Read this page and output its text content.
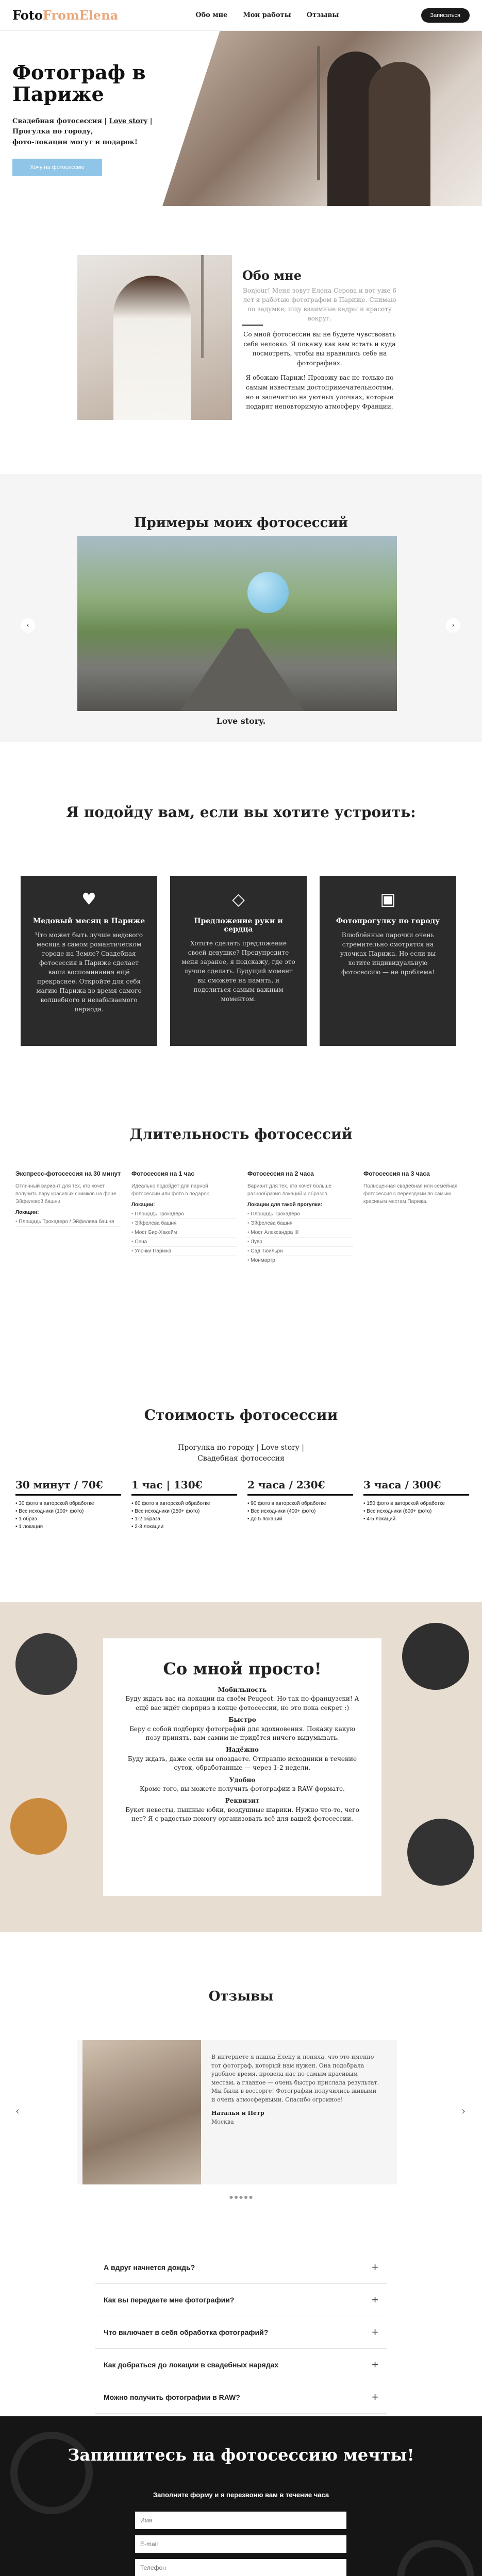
FotoFromElena	Обо мне Мои работы Отзывы	Записаться
Фотограф в Париже
Свадебная фотосессия | Love story |
Прогулка по городу,
фото-локации могут и подарок!
Хочу на фотосессию
Обо мне
Bonjour! Меня зовут Елена Серова и вот уже 6 лет я работаю фотографом в Париже. Снимаю по задумке, ищу взаимные кадры и красоту вокруг.

Со мной фотосессии вы не будете чувствовать себя неловко. Я покажу как вам встать и куда посмотреть, чтобы вы нравились себе на фотографиях.

Я обожаю Париж! Провожу вас не только по самым известным достопримечательностям, но и запечатлю на уютных улочках, которые подарят неповторимую атмосферу Франции.

Примеры моих фотосессий
‹	›
Love story.
Я подойду вам, если вы хотите устроить:
♥
Медовый месяц в Париже
Что может быть лучше медового месяца в самом романтическом городе на Земле? Свадебная фотосессия в Париже сделает ваши воспоминания ещё прекраснее. Откройте для себя магию Парижа во время самого волшебного и незабываемого периода.
◇
Предложение руки и сердца
Хотите сделать предложение своей девушке? Предупредите меня заранее, я подскажу, где это лучше сделать. Будущий момент вы сможете на память, и поделиться самым важным моментом.
▣
Фотопрогулку по городу
Влюблённые парочки очень стремительно смотрятся на улочках Парижа. Но если вы хотите индивидуальную фотосессию — не проблема!
Длительность фотосессий
Экспресс-фотосессия на 30 минут
Отличный вариант для тех, кто хочет получить пару красивых снимков на фоне Эйфелевой башни.
Локации:
• Площадь Трокадеро / Эйфелева башня
Фотосессия на 1 час
Идеально подойдёт для парной фотосессии или фото в подарок.
Локации:
• Площадь Трокадеро
• Эйфелева башня
• Мост Бир-Хакейм
• Сена
• Улочки Парижа
Фотосессия на 2 часа
Вариант для тех, кто хочет больше разнообразия локаций и образов.
Локации для такой прогулки:
• Площадь Трокадеро
• Эйфелева башня
• Мост Александра III
• Лувр
• Сад Тюильри
• Монмартр
Фотосессия на 3 часа
Полноценная свадебная или семейная фотосессия с переездами по самым красивым местам Парижа.
Стоимость фотосессии
Прогулка по городу | Love story | Свадебная фотосессия
30 минут / 70€
• 30 фото в авторской обработке
• Все исходники (100+ фото)
• 1 образ
• 1 локация
1 час | 130€
• 60 фото в авторской обработке
• Все исходники (250+ фото)
• 1-2 образа
• 2-3 локации
2 часа / 230€
• 90 фото в авторской обработке
• Все исходники (400+ фото)
• до 5 локаций
3 часа / 300€
• 150 фото в авторской обработке
• Все исходники (600+ фото)
• 4-5 локаций
Со мной просто!
Мобильность
Буду ждать вас на локации на своём Peugeot. Но так по-французски! А ещё вас ждёт сюрприз в конце фотосессии, но это пока секрет :)
Быстро
Беру с собой подборку фотографий для вдохновения. Покажу какую позу принять, вам самим не придётся ничего выдумывать.
Надёжно
Буду ждать, даже если вы опоздаете. Отправлю исходники в течение суток, обработанные — через 1-2 недели.
Удобно
Кроме того, вы можете получить фотографии в RAW формате.
Реквизит
Букет невесты, пышные юбки, воздушные шарики. Нужно что-то, чего нет? Я с радостью помогу организовать всё для вашей фотосессии.
Отзывы
В интернете я нашла Елену и поняла, что это именно тот фотограф, который нам нужен. Она подобрала удобное время, провела нас по самым красивым местам, а главное — очень быстро прислала результат. Мы были в восторге! Фотографии получились живыми и очень атмосферными. Спасибо огромное!
Наталья и Петр
Москва
‹	›
● ● ● ● ●
А вдруг начнется дождь?	+
Как вы передаете мне фотографии?	+
Что включает в себя обработка фотографий?	+
Как добраться до локации в свадебных нарядах	+
Можно получить фотографии в RAW?	+
Запишитесь на фотосессию мечты!
Заполните форму и я перезвоню вам в течение часа
Имя
E-mail
Телефон
